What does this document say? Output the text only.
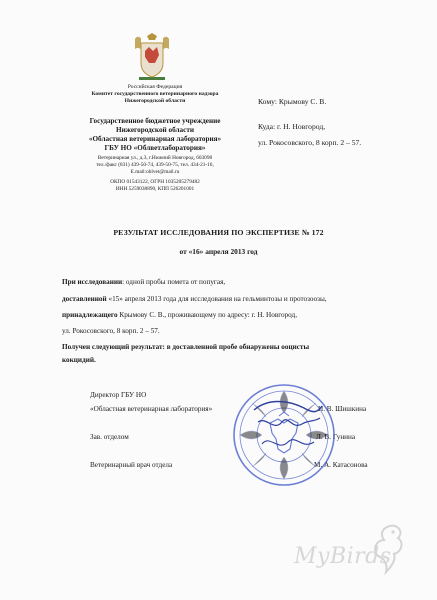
Российская Федерация
Комитет государственного ветеринарного надзора
Нижегородской области
Государственное бюджетное учреждение
Нижегородской области
«Областная ветеринарная лаборатория»
ГБУ НО «Облветлаборатория»
Ветеринарная ул., д.3, г.Нижний Новгород, 603098
тел./факс (831) 439-50-74, 439-50-75, тел. 434-21-16,
E.mail:oblvet@mail.ru
ОКПО 01543122, ОГРН 1035205279482
ИНН 5259038890, КПП 526201001
Кому: Крымову С. В.
Куда: г. Н. Новгород,
ул. Рокосовского, 8 корп. 2 – 57.
РЕЗУЛЬТАТ ИССЛЕДОВАНИЯ ПО ЭКСПЕРТИЗЕ № 172
от «16» апреля 2013 год
При исследовании: одной пробы помета от попугая,
доставленной «15» апреля 2013 года для исследования на гельминтозы и протозоозы,
принадлежащего Крымову С. В., проживающему по адресу: г. Н. Новгород,
ул. Рокосовского, 8 корп. 2 – 57.
Получен следующий результат: в доставленной пробе обнаружены ооцисты
кокцидий.
Директор ГБУ НО
«Областная ветеринарная лаборатория»	И. В. Шишкина
Зав. отделом	Л. В. Гунина
Ветеринарный врач отдела	М. А. Катасонова
MyBirds
